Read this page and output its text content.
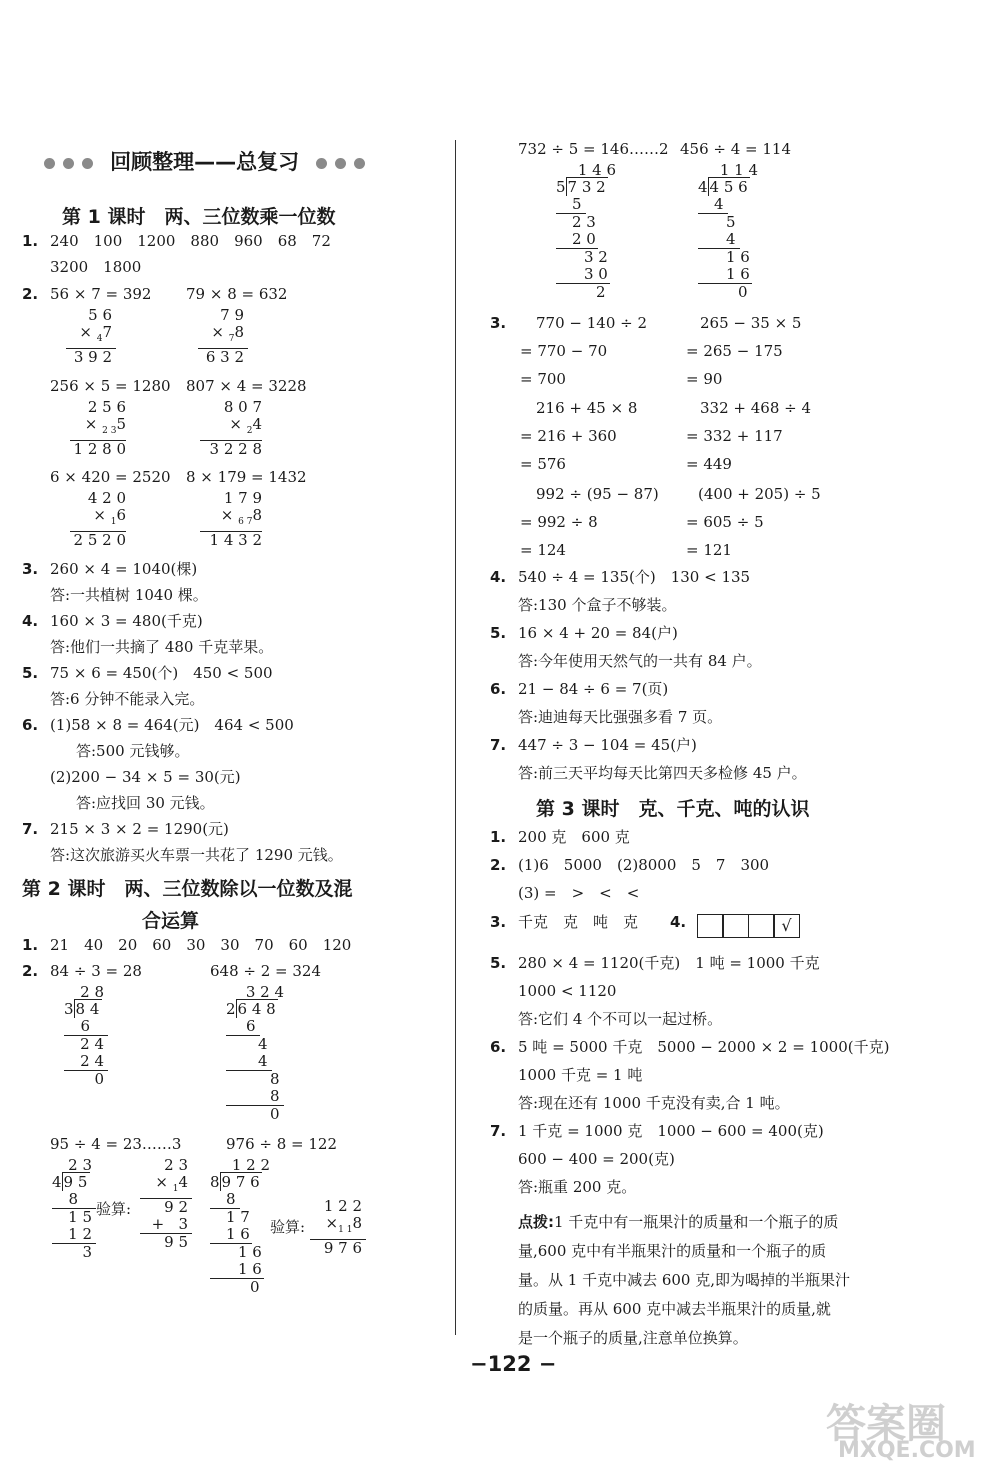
回顾整理——总复习
第 1 课时　两、三位数乘一位数
1. 240　100　1200　880　960　68　72
3200　1800
2. 56 × 7 = 392 79 × 8 = 632
5 6
× $_4$7
3 9 2
7 9
× $_7$8
6 3 2
256 × 5 = 1280 807 × 4 = 3228
2 5 6
× $_{2 3}$5
1 2 8 0
8 0 7
× $_2$4
3 2 2 8
6 × 420 = 2520 8 × 179 = 1432
4 2 0
× $_1$6
2 5 2 0
1 7 9
× $_{6 7}$8
1 4 3 2
3. 260 × 4 = 1040(棵)
答:一共植树 1040 棵。
4. 160 × 3 = 480(千克)
答:他们一共摘了 480 千克苹果。
5. 75 × 6 = 450(个)　450 < 500
答:6 分钟不能录入完。
6. (1)58 × 8 = 464(元)　464 < 500
答:500 元钱够。
(2)200 − 34 × 5 = 30(元)
答:应找回 30 元钱。
7. 215 × 3 × 2 = 1290(元)
答:这次旅游买火车票一共花了 1290 元钱。
第 2 课时　两、三位数除以一位数及混
合运算
1. 21　40　20　60　30　30　70　60　120
2. 84 ÷ 3 = 28	648 ÷ 2 = 324
2 8
3 8 4
6
2 4
2 4
0
3 2 4
2 6 4 8
6
4
4
8
8
0
95 ÷ 4 = 23……3	976 ÷ 8 = 122
2 3
4 9 5
8
1 5
1 2
3
验算:
2 3
× $_1$4
9 2
+   3
9 5
1 2 2
8 9 7 6
8
1 7
1 6
1 6
1 6
0
验算:
1 2 2
$\times_{1 1}8$
9 7 6
732 ÷ 5 = 146……2 456 ÷ 4 = 114
1 4 6
5 7 3 2
5
2 3
2 0
3 2
3 0
2
1 1 4
4 4 5 6
4
5
4
1 6
1 6
0
3. 770 − 140 ÷ 2
= 770 − 70
= 700
265 − 35 × 5
= 265 − 175
= 90
216 + 45 × 8
= 216 + 360
= 576
332 + 468 ÷ 4
= 332 + 117
= 449
992 ÷ (95 − 87)
= 992 ÷ 8
= 124
(400 + 205) ÷ 5
= 605 ÷ 5
= 121
4. 540 ÷ 4 = 135(个)　130 < 135
答:130 个盒子不够装。
5. 16 × 4 + 20 = 84(户)
答:今年使用天然气的一共有 84 户。
6. 21 − 84 ÷ 6 = 7(页)
答:迪迪每天比强强多看 7 页。
7. 447 ÷ 3 − 104 = 45(户)
答:前三天平均每天比第四天多检修 45 户。
第 3 课时　克、千克、吨的认识
1. 200 克　600 克
2. (1)6　5000　(2)8000　5　7　300
(3) =　>　<　<
3. 千克　克　吨　克 4.	√
5. 280 × 4 = 1120(千克)　1 吨 = 1000 千克
1000 < 1120
答:它们 4 个不可以一起过桥。
6. 5 吨 = 5000 千克　5000 − 2000 × 2 = 1000(千克)
1000 千克 = 1 吨
答:现在还有 1000 千克没有卖,合 1 吨。
7. 1 千克 = 1000 克　1000 − 600 = 400(克)
600 − 400 = 200(克)
答:瓶重 200 克。
点拨:1 千克中有一瓶果汁的质量和一个瓶子的质
量,600 克中有半瓶果汁的质量和一个瓶子的质
量。从 1 千克中减去 600 克,即为喝掉的半瓶果汁
的质量。再从 600 克中减去半瓶果汁的质量,就
是一个瓶子的质量,注意单位换算。
−122 −
答案圈
MXQE.COM
